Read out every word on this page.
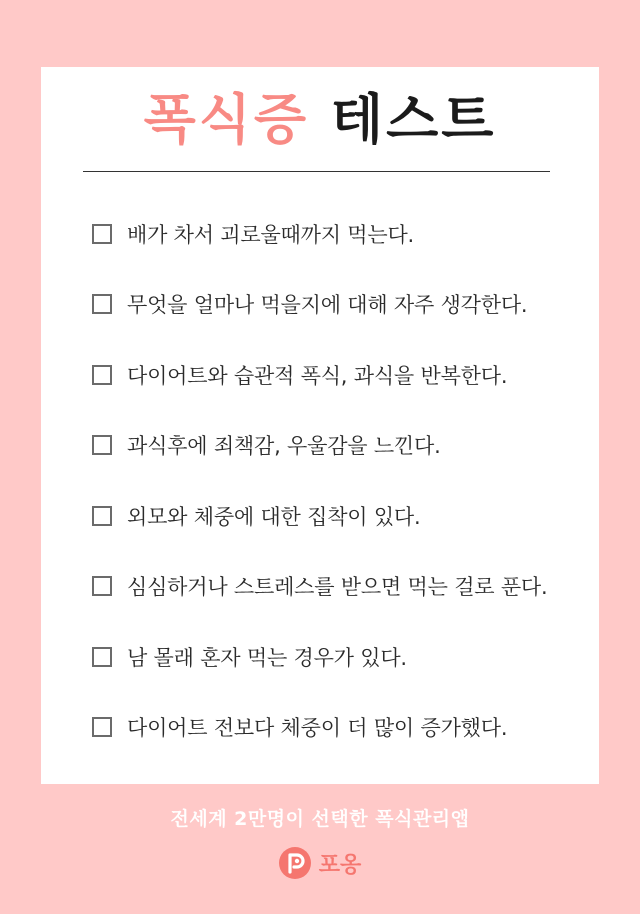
폭식증 테스트
배가 차서 괴로울때까지 먹는다.
무엇을 얼마나 먹을지에 대해 자주 생각한다.
다이어트와 습관적 폭식, 과식을 반복한다.
과식후에 죄책감, 우울감을 느낀다.
외모와 체중에 대한 집착이 있다.
심심하거나 스트레스를 받으면 먹는 걸로 푼다.
남 몰래 혼자 먹는 경우가 있다.
다이어트 전보다 체중이 더 많이 증가했다.
전세계 2만명이 선택한 폭식관리앱
포옹
